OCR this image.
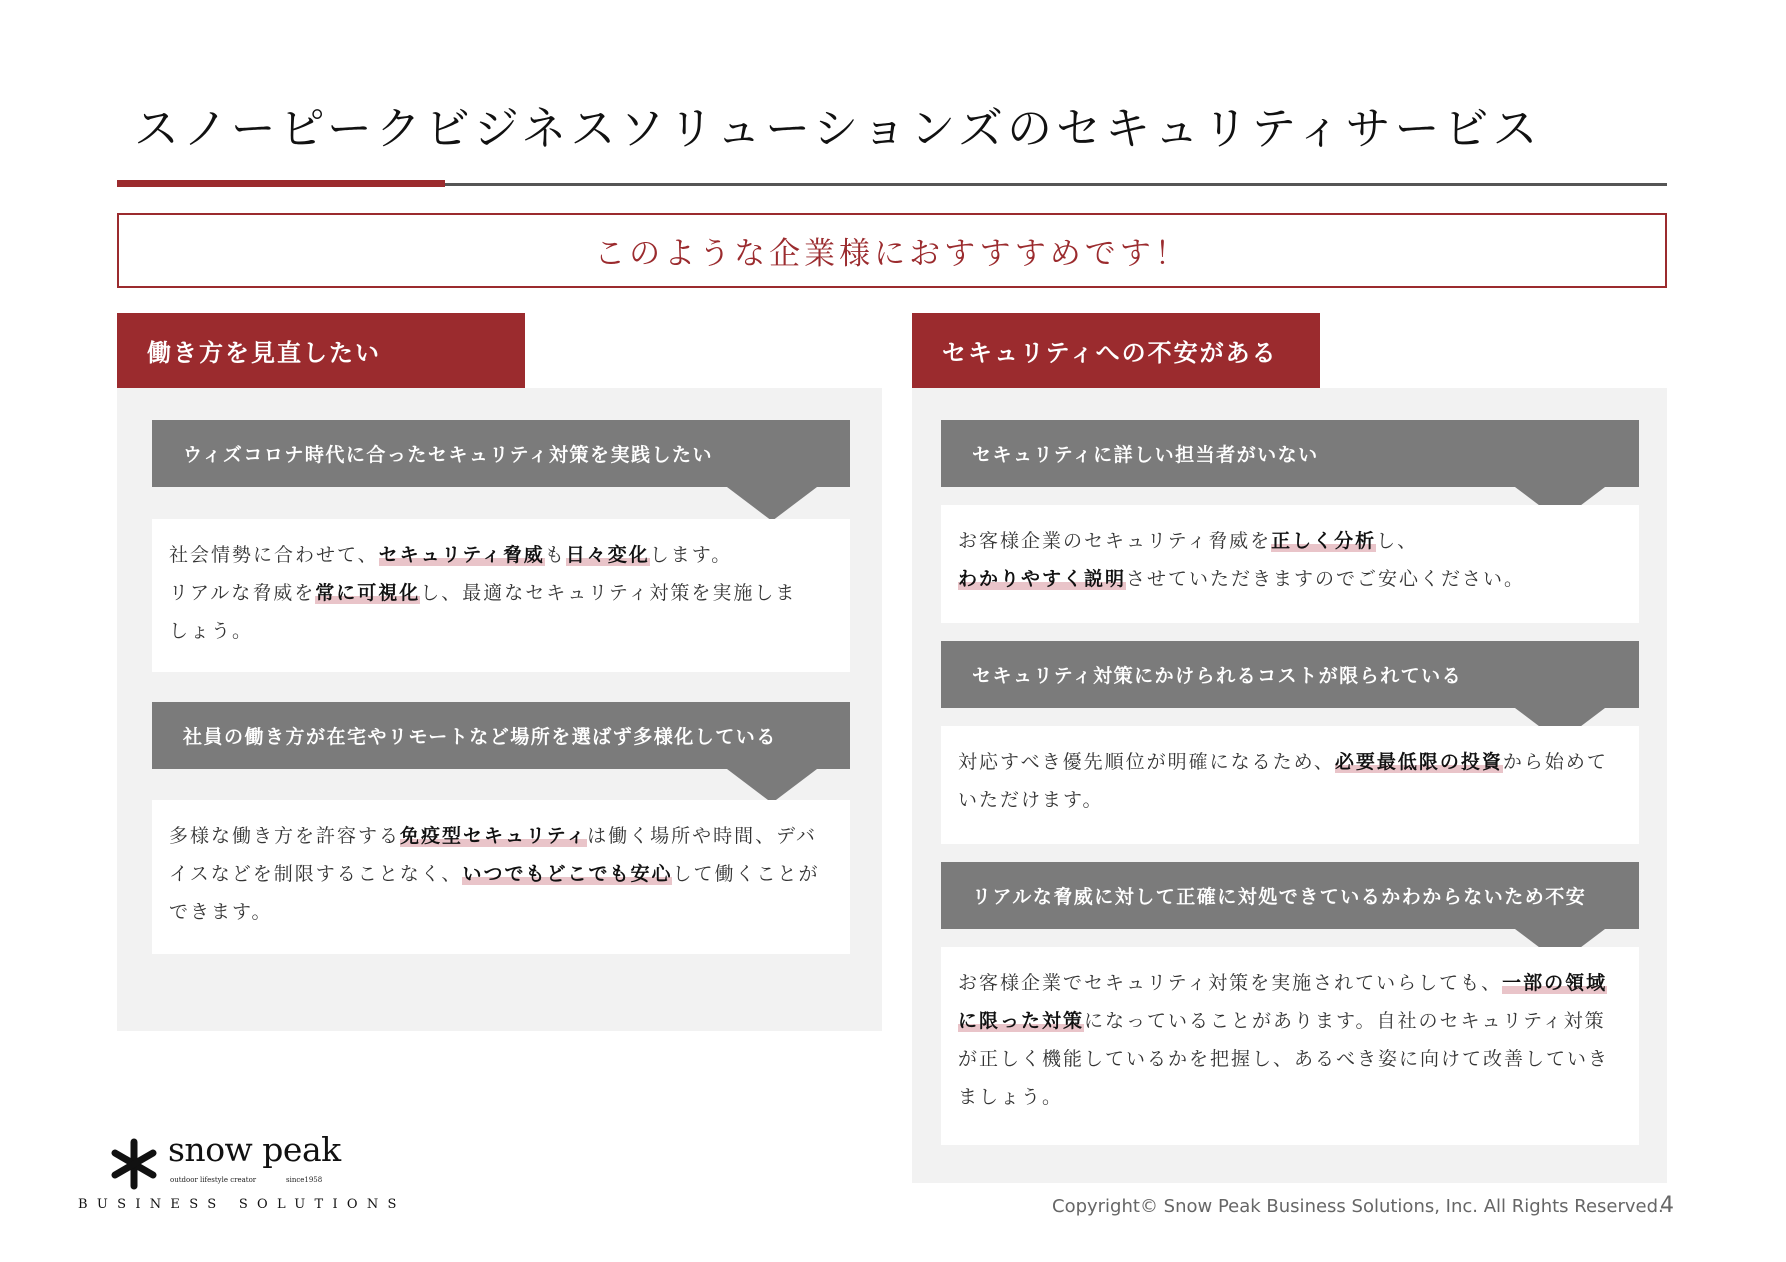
スノーピークビジネスソリューションズのセキュリティサービス
このような企業様におすすすめです！
働き方を見直したい
ウィズコロナ時代に合ったセキュリティ対策を実践したい
社会情勢に合わせて、セキュリティ脅威も日々変化します。
リアルな脅威を常に可視化し、最適なセキュリティ対策を実施しま
しょう。
社員の働き方が在宅やリモートなど場所を選ばず多様化している
多様な働き方を許容する免疫型セキュリティは働く場所や時間、デバ
イスなどを制限することなく、いつでもどこでも安心して働くことが
できます。
セキュリティへの不安がある
セキュリティに詳しい担当者がいない
お客様企業のセキュリティ脅威を正しく分析し、
わかりやすく説明させていただきますのでご安心ください。
セキュリティ対策にかけられるコストが限られている
対応すべき優先順位が明確になるため、必要最低限の投資から始めて
いただけます。
リアルな脅威に対して正確に対処できているかわからないため不安
お客様企業でセキュリティ対策を実施されていらしても、一部の領域
に限った対策になっていることがあります。自社のセキュリティ対策
が正しく機能しているかを把握し、あるべき姿に向けて改善していき
ましょう。
snow peak
outdoor lifestyle creator	since1958
BUSINESS SOLUTIONS	Copyright© Snow Peak Business Solutions, Inc. All Rights Reserved.
4
